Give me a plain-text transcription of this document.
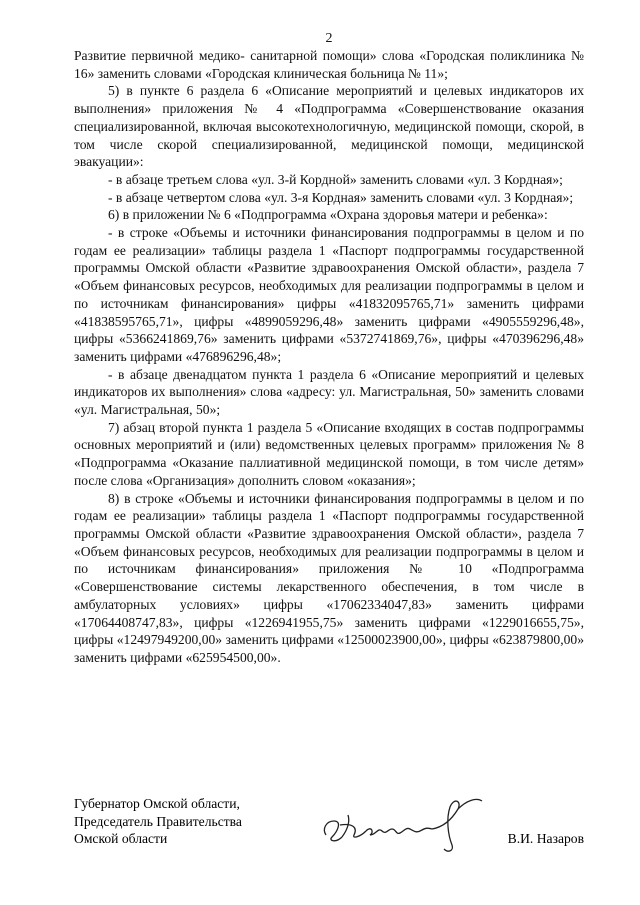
2

Развитие первичной медико- санитарной помощи» слова «Городская поликлиника № 16» заменить словами «Городская клиническая больница № 11»;

5) в пункте 6 раздела 6 «Описание мероприятий и целевых индикаторов их выполнения» приложения № 4 «Подпрограмма «Совершенствование оказания специализированной, включая высокотехнологичную, медицинской помощи, скорой, в том числе скорой специализированной, медицинской помощи, медицинской эвакуации»:

- в абзаце третьем слова «ул. 3-й Кордной» заменить словами «ул. 3 Кордная»;

- в абзаце четвертом слова «ул. 3-я Кордная» заменить словами «ул. 3 Кордная»;

6) в приложении № 6 «Подпрограмма «Охрана здоровья матери и ребенка»:

- в строке «Объемы и источники финансирования подпрограммы в целом и по годам ее реализации» таблицы раздела 1 «Паспорт подпрограммы государственной программы Омской области «Развитие здравоохранения Омской области», раздела 7 «Объем финансовых ресурсов, необходимых для реализации подпрограммы в целом и по источникам финансирования» цифры «41832095765,71» заменить цифрами «41838595765,71», цифры «4899059296,48» заменить цифрами «4905559296,48», цифры «5366241869,76» заменить цифрами «5372741869,76», цифры «470396296,48» заменить цифрами «476896296,48»;

- в абзаце двенадцатом пункта 1 раздела 6 «Описание мероприятий и целевых индикаторов их выполнения» слова «адресу: ул. Магистральная, 50» заменить словами «ул. Магистральная, 50»;

7) абзац второй пункта 1 раздела 5 «Описание входящих в состав подпрограммы основных мероприятий и (или) ведомственных целевых программ» приложения № 8 «Подпрограмма «Оказание паллиативной медицинской помощи, в том числе детям» после слова «Организация» дополнить словом «оказания»;

8) в строке «Объемы и источники финансирования подпрограммы в целом и по годам ее реализации» таблицы раздела 1 «Паспорт подпрограммы государственной программы Омской области «Развитие здравоохранения Омской области», раздела 7 «Объем финансовых ресурсов, необходимых для реализации подпрограммы в целом и по источникам финансирования» приложения № 10 «Подпрограмма «Совершенствование системы лекарственного обеспечения, в том числе в амбулаторных условиях» цифры «17062334047,83» заменить цифрами «17064408747,83», цифры «1226941955,75» заменить цифрами «1229016655,75», цифры «12497949200,00» заменить цифрами «12500023900,00», цифры «623879800,00» заменить цифрами «625954500,00».

Губернатор Омской области,
Председатель Правительства
Омской области	В.И. Назаров
